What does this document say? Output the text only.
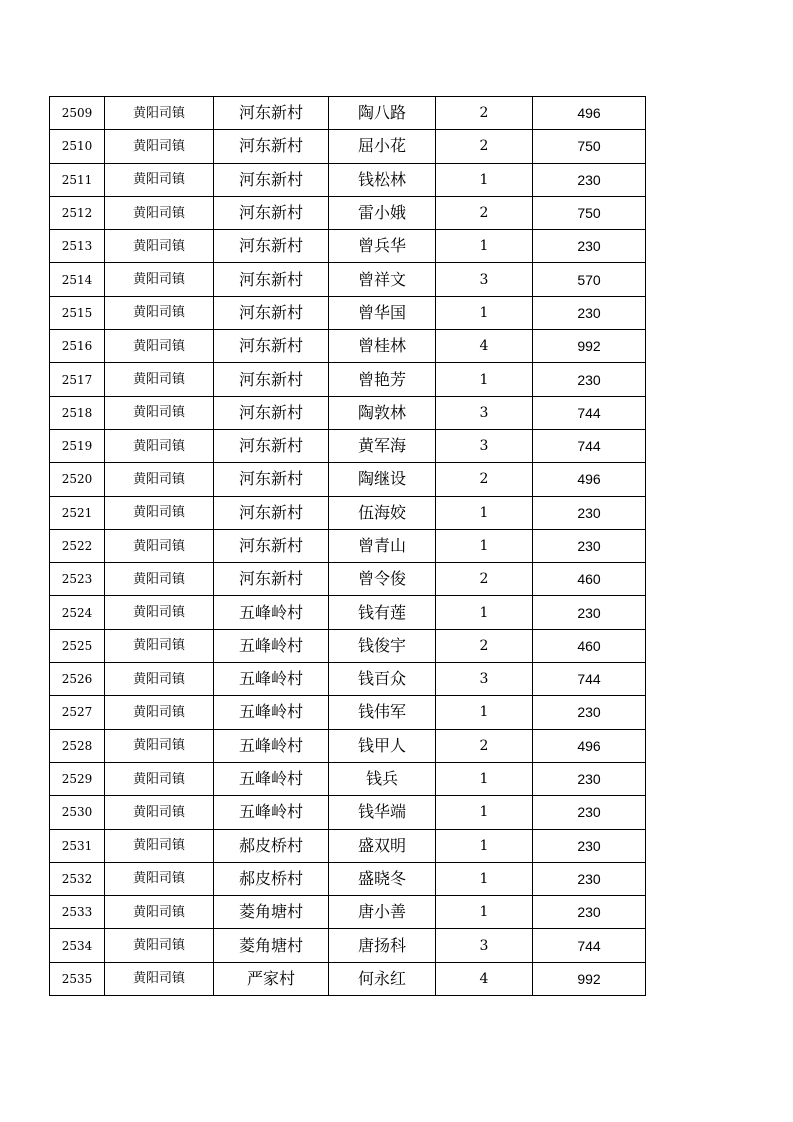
2509	黄阳司镇	河东新村	陶八路	2	496
2510	黄阳司镇	河东新村	屈小花	2	750
2511	黄阳司镇	河东新村	钱松林	1	230
2512	黄阳司镇	河东新村	雷小娥	2	750
2513	黄阳司镇	河东新村	曾兵华	1	230
2514	黄阳司镇	河东新村	曾祥文	3	570
2515	黄阳司镇	河东新村	曾华国	1	230
2516	黄阳司镇	河东新村	曾桂林	4	992
2517	黄阳司镇	河东新村	曾艳芳	1	230
2518	黄阳司镇	河东新村	陶敦林	3	744
2519	黄阳司镇	河东新村	黄军海	3	744
2520	黄阳司镇	河东新村	陶继设	2	496
2521	黄阳司镇	河东新村	伍海姣	1	230
2522	黄阳司镇	河东新村	曾青山	1	230
2523	黄阳司镇	河东新村	曾令俊	2	460
2524	黄阳司镇	五峰岭村	钱有莲	1	230
2525	黄阳司镇	五峰岭村	钱俊宇	2	460
2526	黄阳司镇	五峰岭村	钱百众	3	744
2527	黄阳司镇	五峰岭村	钱伟军	1	230
2528	黄阳司镇	五峰岭村	钱甲人	2	496
2529	黄阳司镇	五峰岭村	钱兵	1	230
2530	黄阳司镇	五峰岭村	钱华端	1	230
2531	黄阳司镇	郝皮桥村	盛双明	1	230
2532	黄阳司镇	郝皮桥村	盛晓冬	1	230
2533	黄阳司镇	菱角塘村	唐小善	1	230
2534	黄阳司镇	菱角塘村	唐扬科	3	744
2535	黄阳司镇	严家村	何永红	4	992
